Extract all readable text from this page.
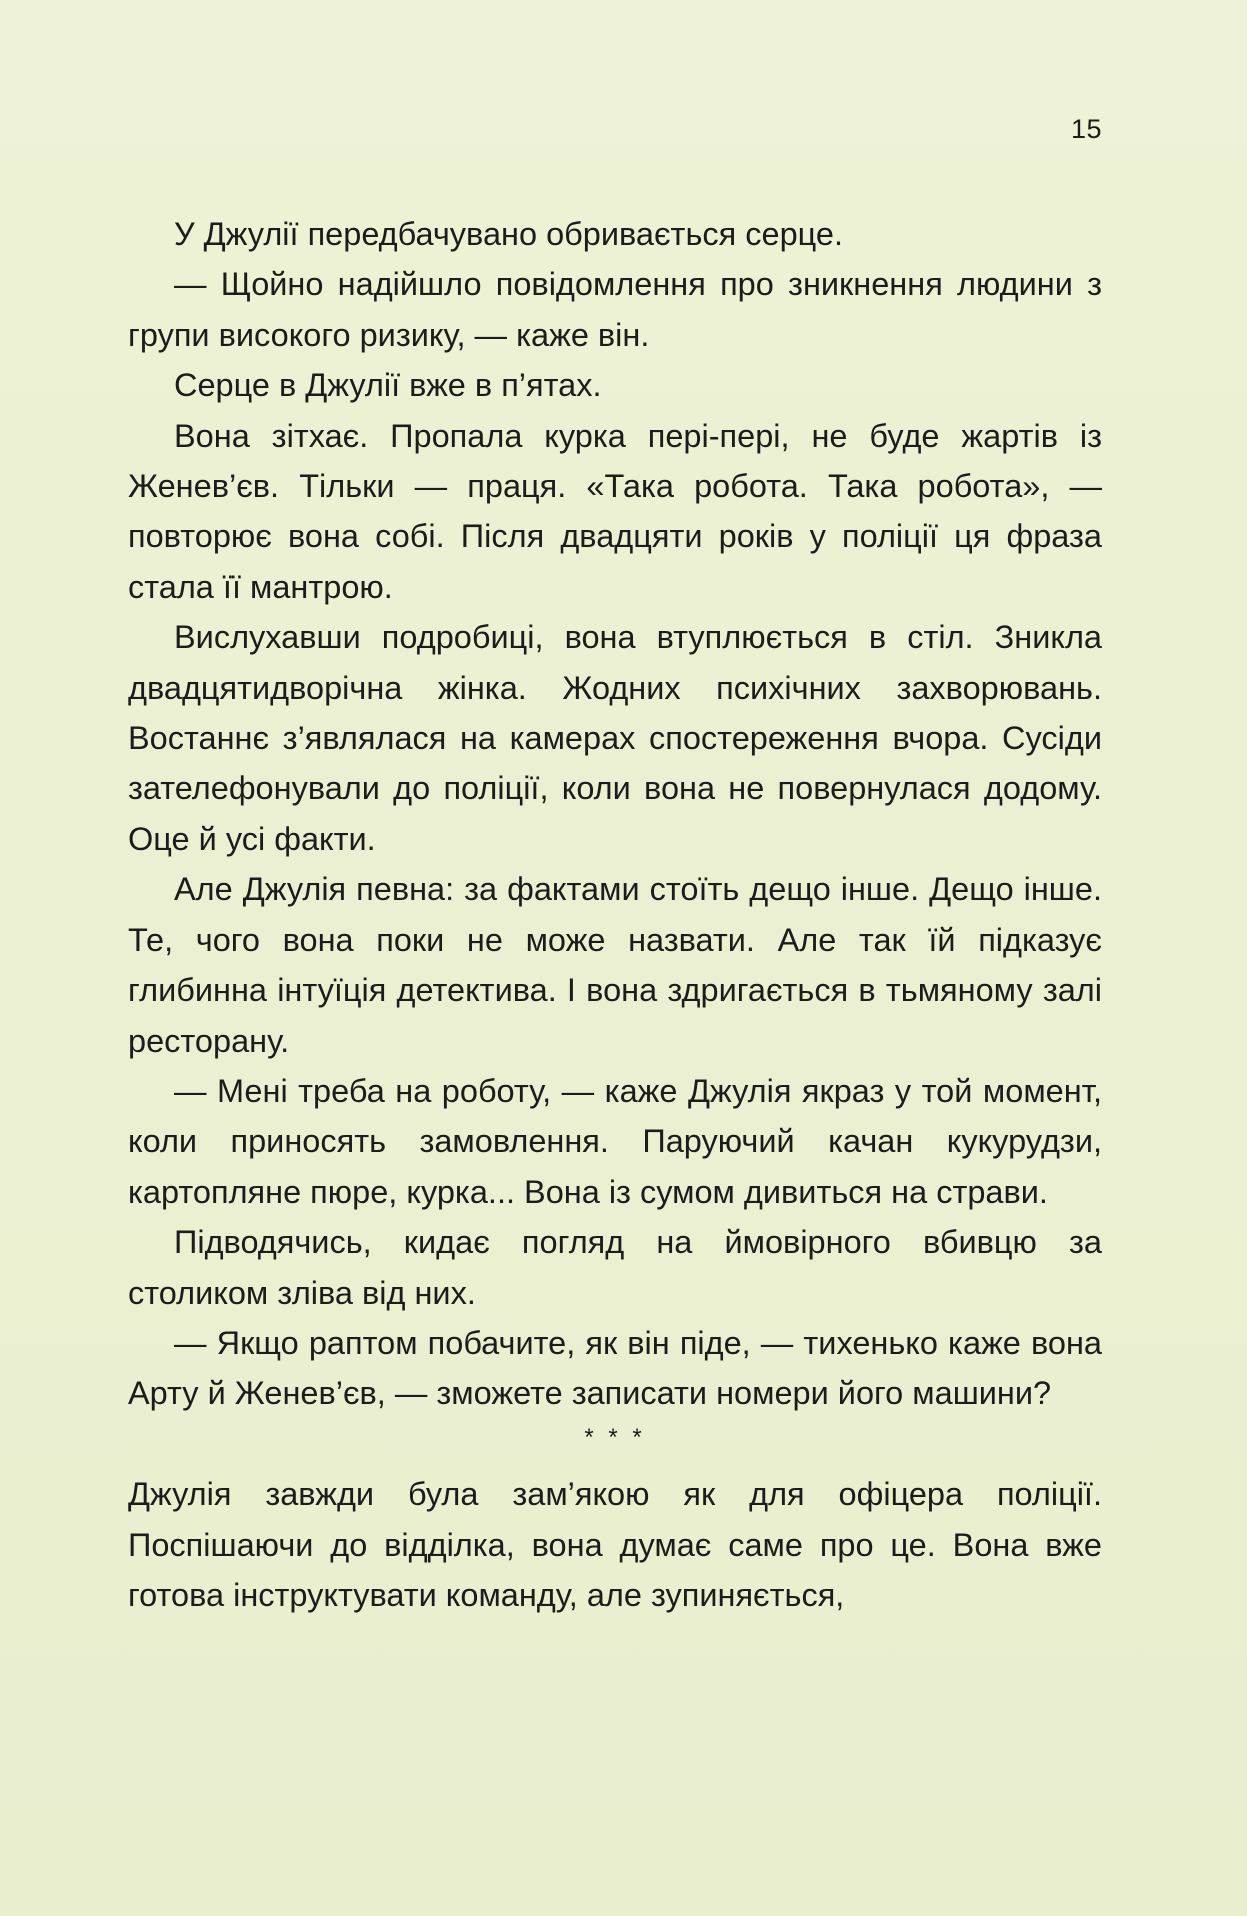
15

У Джулії передбачувано обривається серце.

— Щойно надійшло повідомлення про зникнення людини з групи високого ризику, — каже він.

Серце в Джулії вже в п’ятах.

Вона зітхає. Пропала курка пері-пері, не буде жартів із Женев’єв. Тільки — праця. «Така робота. Така робота», — повторює вона собі. Після двадцяти років у поліції ця фраза стала її мантрою.

Вислухавши подробиці, вона втуплюється в стіл. Зникла двадцятидворічна жінка. Жодних психічних захворювань. Востаннє з’являлася на камерах спостереження вчора. Сусіди зателефонували до поліції, коли вона не повернулася додому. Оце й усі факти.

Але Джулія певна: за фактами стоїть дещо інше. Дещо інше. Те, чого вона поки не може назвати. Але так їй підказує глибинна інтуїція детектива. І вона здригається в тьмяному залі ресторану.

— Мені треба на роботу, — каже Джулія якраз у той момент, коли приносять замовлення. Паруючий качан кукурудзи, картопляне пюре, курка... Вона із сумом дивиться на страви.

Підводячись, кидає погляд на ймовірного вбивцю за столиком зліва від них.

— Якщо раптом побачите, як він піде, — тихенько каже вона Арту й Женев’єв, — зможете записати номери його машини?

* * *

Джулія завжди була зам’якою як для офіцера поліції. Поспішаючи до відділка, вона думає саме про це. Вона вже готова інструктувати команду, але зупиняється,
